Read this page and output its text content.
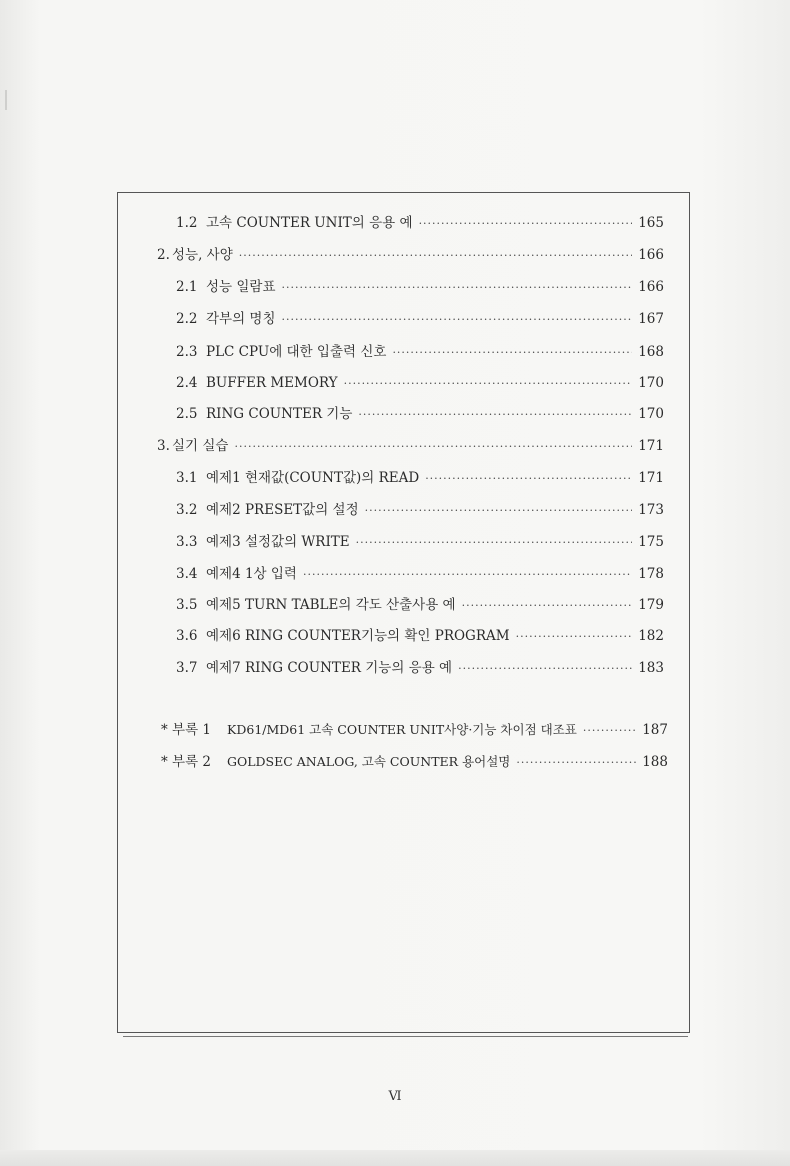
1.2 고속 COUNTER UNIT의 응용 예 ·····	165
2. 성능, 사양 ·····	166
2.1 성능 일람표 ·····	166
2.2 각부의 명칭 ·····	167
2.3 PLC CPU에 대한 입출력 신호 ·····	168
2.4 BUFFER MEMORY ·····	170
2.5 RING COUNTER 기능 ·····	170
3. 실기 실습 ·····	171
3.1 예제1 현재값(COUNT값)의 READ ·····	171
3.2 예제2 PRESET값의 설정 ·····	173
3.3 예제3 설정값의 WRITE ·····	175
3.4 예제4 1상 입력 ·····	178
3.5 예제5 TURN TABLE의 각도 산출사용 예 ·····	179
3.6 예제6 RING COUNTER기능의 확인 PROGRAM ·····	182
3.7 예제7 RING COUNTER 기능의 응용 예 ·····	183
* 부록 1	KD61/MD61 고속 COUNTER UNIT사양·기능 차이점 대조표 ·····	187
* 부록 2	GOLDSEC ANALOG, 고속 COUNTER 용어설명 ·····	188
Ⅵ
